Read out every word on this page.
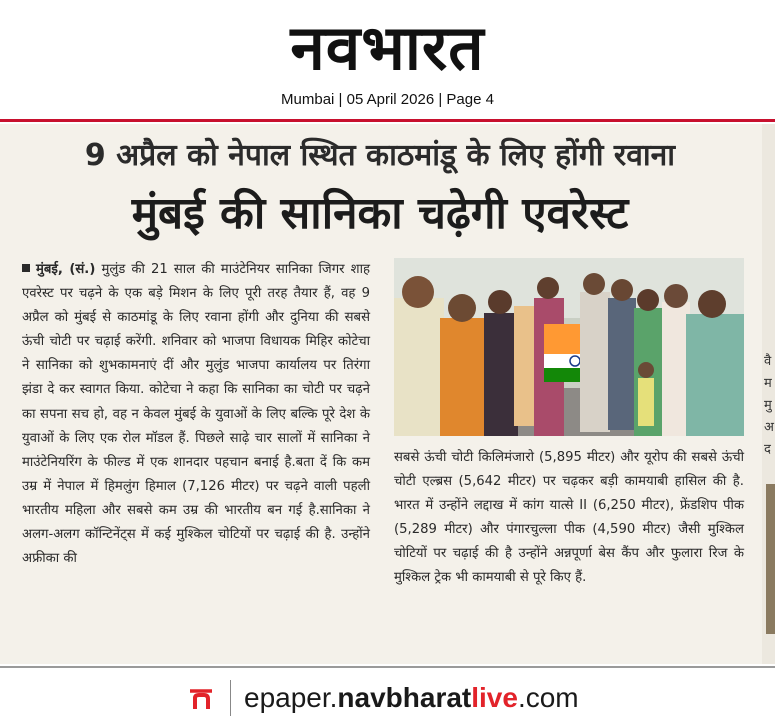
नवभारत
Mumbai | 05 April 2026 | Page 4
9 अप्रैल को नेपाल स्थित काठमांडू के लिए होंगी रवाना
मुंबई की सानिका चढ़ेगी एवरेस्ट

मुंबई, (सं.) मुलुंड की 21 साल की माउंटेनियर सानिका जिगर शाह एवरेस्ट पर चढ़ने के एक बड़े मिशन के लिए पूरी तरह तैयार हैं, वह 9 अप्रैल को मुंबई से काठमांडू के लिए रवाना होंगी और दुनिया की सबसे ऊंची चोटी पर चढ़ाई करेंगी. शनिवार को भाजपा विधायक मिहिर कोटेचा ने सानिका को शुभकामनाएं दीं और मुलुंड भाजपा कार्यालय पर तिरंगा झंडा दे कर स्वागत किया. कोटेचा ने कहा कि सानिका का चोटी पर चढ़ने का सपना सच हो, वह न केवल मुंबई के युवाओं के लिए बल्कि पूरे देश के युवाओं के लिए एक रोल मॉडल हैं. पिछले साढ़े चार सालों में सानिका ने माउंटेनियरिंग के फील्ड में एक शानदार पहचान बनाई है.बता दें कि कम उम्र में नेपाल में हिमलुंग हिमाल (7,126 मीटर) पर चढ़ने वाली पहली भारतीय महिला और सबसे कम उम्र की भारतीय बन गई है.सानिका ने अलग-अलग कॉन्टिनेंट्स में कई मुश्किल चोटियों पर चढ़ाई की है. उन्होंने अफ्रीका की

सबसे ऊंची चोटी किलिमंजारो (5,895 मीटर) और यूरोप की सबसे ऊंची चोटी एल्ब्रस (5,642 मीटर) पर चढ़कर बड़ी कामयाबी हासिल की है. भारत में उन्होंने लद्दाख में कांग यात्से II (6,250 मीटर), फ्रेंडशिप पीक (5,289 मीटर) और पंगारचुल्ला पीक (4,590 मीटर) जैसी मुश्किल चोटियों पर चढ़ाई की है उन्होंने अन्नपूर्णा बेस कैंप और फुलारा रिज के मुश्किल ट्रेक भी कामयाबी से पूरे किए हैं.

वै
म
मु
अ
द
epaper.navbharatlive.com
